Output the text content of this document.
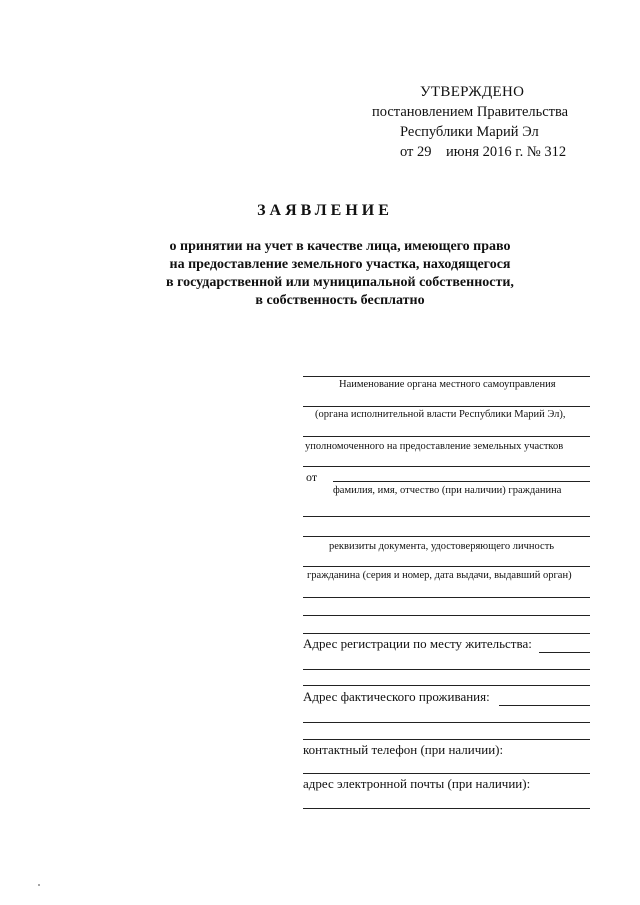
УТВЕРЖДЕНО
постановлением Правительства
Республики Марий Эл
от 29    июня 2016 г. № 312
ЗАЯВЛЕНИЕ
о принятии на учет в качестве лица, имеющего право
на предоставление земельного участка, находящегося
в государственной или муниципальной собственности,
в собственность бесплатно
Наименование органа местного самоуправления
(органа исполнительной власти Республики Марий Эл),
уполномоченного на предоставление земельных участков
от
фамилия, имя, отчество (при наличии) гражданина
реквизиты документа, удостоверяющего личность
гражданина (серия и номер, дата выдачи, выдавший орган)
Адрес регистрации по месту жительства:
Адрес фактического проживания:
контактный телефон (при наличии):
адрес электронной почты (при наличии):
